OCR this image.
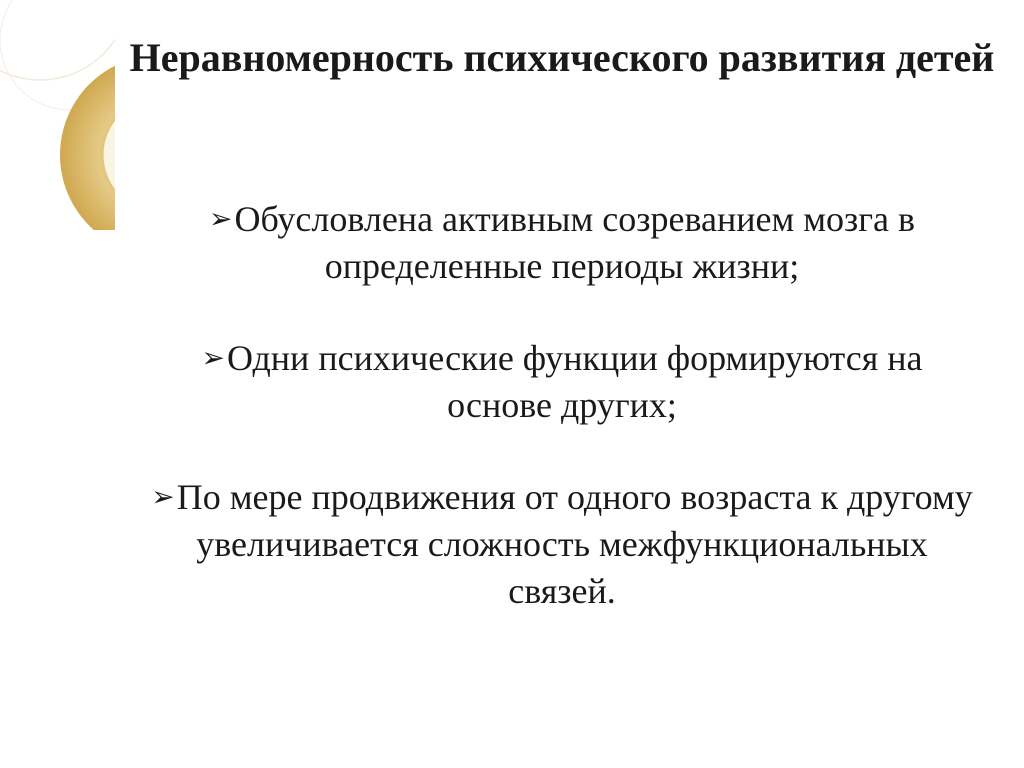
Неравномерность психического развития детей
➢Обусловлена активным созреванием мозга в определенные периоды жизни;
➢Одни психические функции формируются на основе других;
➢По мере продвижения от одного возраста к другому увеличивается сложность межфункциональных связей.
